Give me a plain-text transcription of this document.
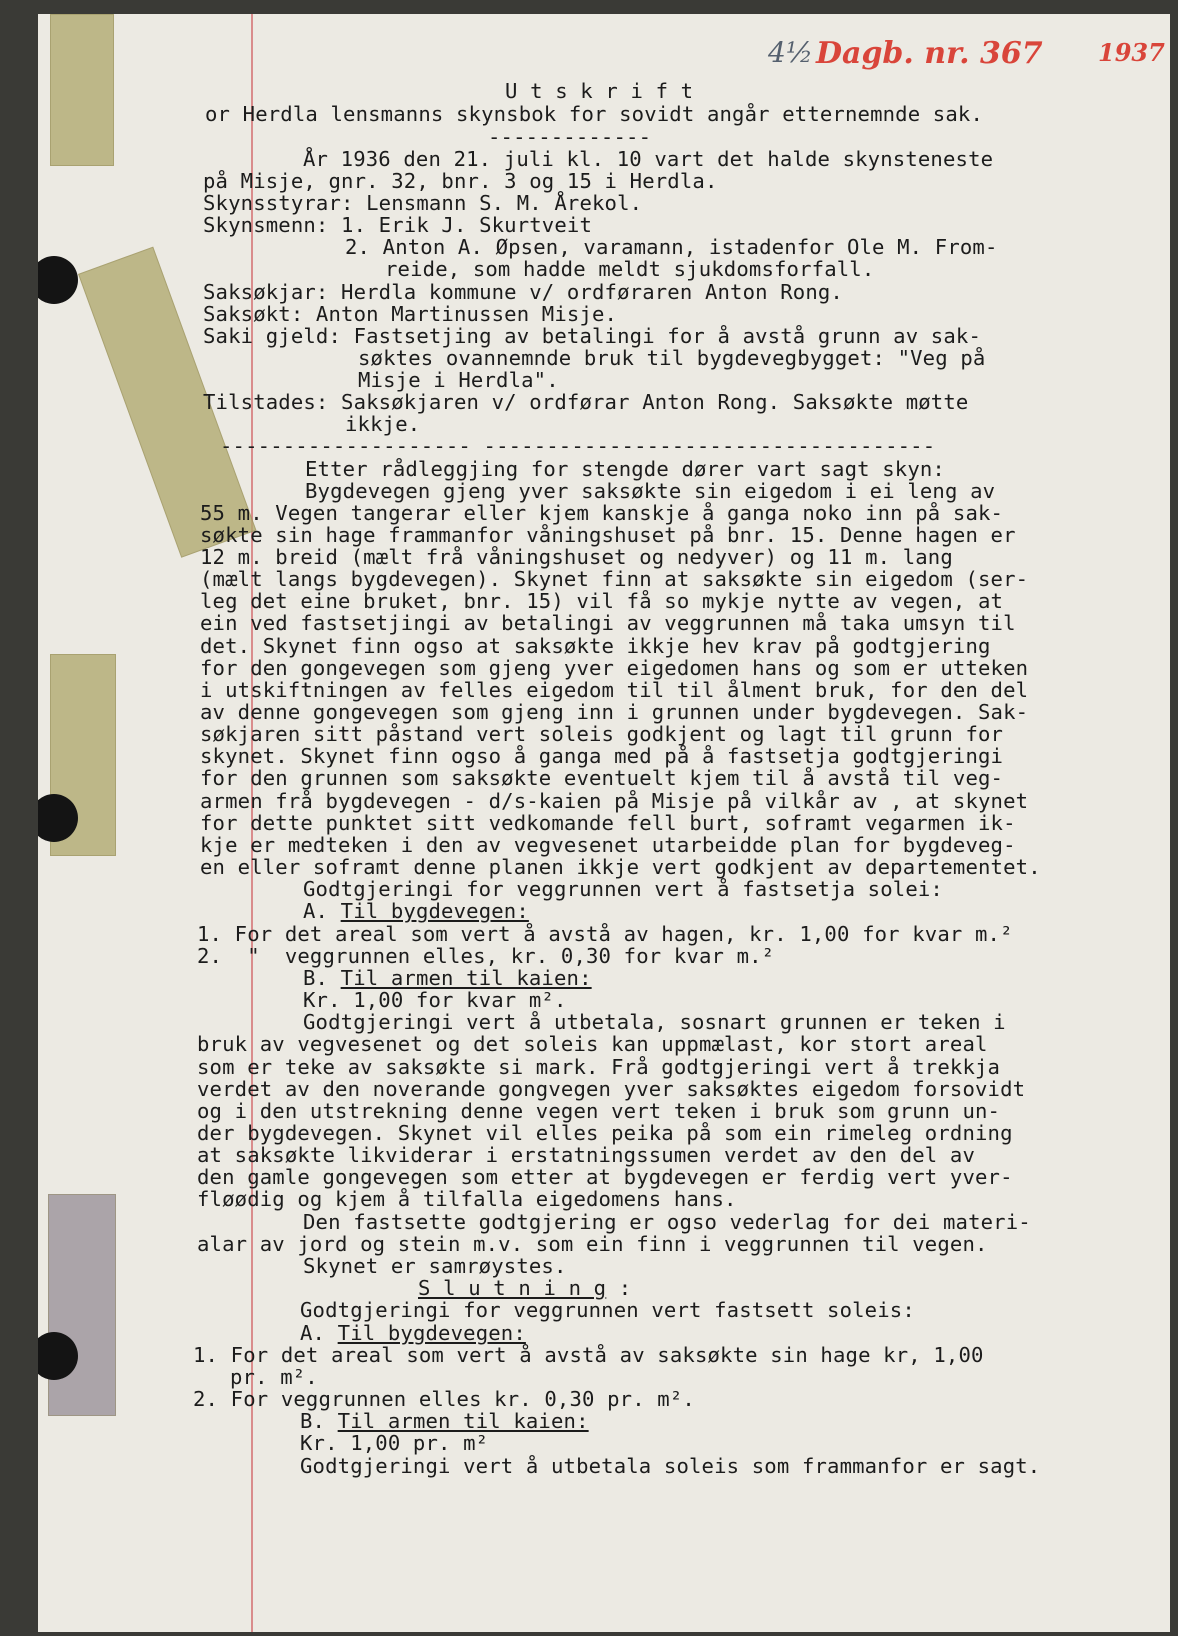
4½ Dagb. nr. 367 1937
U t s k r i f t
or Herdla lensmanns skynsbok for sovidt angår etternemnde sak.
-------------
År 1936 den 21. juli kl. 10 vart det halde skynsteneste
på Misje, gnr. 32, bnr. 3 og 15 i Herdla.
Skynsstyrar: Lensmann S. M. Årekol.
Skynsmenn: 1. Erik J. Skurtveit
2. Anton A. Øpsen, varamann, istadenfor Ole M. From-
reide, som hadde meldt sjukdomsforfall.
Saksøkjar: Herdla kommune v/ ordføraren Anton Rong.
Saksøkt: Anton Martinussen Misje.
Saki gjeld: Fastsetjing av betalingi for å avstå grunn av sak-
søktes ovannemnde bruk til bygdevegbygget: "Veg på
Misje i Herdla".
Tilstades: Saksøkjaren v/ ordførar Anton Rong. Saksøkte møtte
ikkje.
-------------------- ------------------------------------
Etter rådleggjing for stengde dører vart sagt skyn:
Bygdevegen gjeng yver saksøkte sin eigedom i ei leng av
55 m. Vegen tangerar eller kjem kanskje å ganga noko inn på sak-
søkte sin hage frammanfor våningshuset på bnr. 15. Denne hagen er
12 m. breid (mælt frå våningshuset og nedyver) og 11 m. lang
(mælt langs bygdevegen). Skynet finn at saksøkte sin eigedom (ser-
leg det eine bruket, bnr. 15) vil få so mykje nytte av vegen, at
ein ved fastsetjingi av betalingi av veggrunnen må taka umsyn til
det. Skynet finn ogso at saksøkte ikkje hev krav på godtgjering
for den gongevegen som gjeng yver eigedomen hans og som er utteken
i utskiftningen av felles eigedom til til ålment bruk, for den del
av denne gongevegen som gjeng inn i grunnen under bygdevegen. Sak-
søkjaren sitt påstand vert soleis godkjent og lagt til grunn for
skynet. Skynet finn ogso å ganga med på å fastsetja godtgjeringi
for den grunnen som saksøkte eventuelt kjem til å avstå til veg-
armen frå bygdevegen - d/s-kaien på Misje på vilkår av , at skynet
for dette punktet sitt vedkomande fell burt, soframt vegarmen ik-
kje er medteken i den av vegvesenet utarbeidde plan for bygdeveg-
en eller soframt denne planen ikkje vert godkjent av departementet.
Godtgjeringi for veggrunnen vert å fastsetja solei:
A. Til bygdevegen:
1. For det areal som vert å avstå av hagen, kr. 1,00 for kvar m.²
2.  "  veggrunnen elles, kr. 0,30 for kvar m.²
B. Til armen til kaien:
Kr. 1,00 for kvar m².
Godtgjeringi vert å utbetala, sosnart grunnen er teken i
bruk av vegvesenet og det soleis kan uppmælast, kor stort areal
som er teke av saksøkte si mark. Frå godtgjeringi vert å trekkja
verdet av den noverande gongvegen yver saksøktes eigedom forsovidt
og i den utstrekning denne vegen vert teken i bruk som grunn un-
der bygdevegen. Skynet vil elles peika på som ein rimeleg ordning
at saksøkte likviderar i erstatningssumen verdet av den del av
den gamle gongevegen som etter at bygdevegen er ferdig vert yver-
fløødig og kjem å tilfalla eigedomens hans.
Den fastsette godtgjering er ogso vederlag for dei materi-
alar av jord og stein m.v. som ein finn i veggrunnen til vegen.
Skynet er samrøystes.
S l u t n i n g :
Godtgjeringi for veggrunnen vert fastsett soleis:
A. Til bygdevegen:
1. For det areal som vert å avstå av saksøkte sin hage kr, 1,00
pr. m².
2. For veggrunnen elles kr. 0,30 pr. m².
B. Til armen til kaien:
Kr. 1,00 pr. m²
Godtgjeringi vert å utbetala soleis som frammanfor er sagt.
